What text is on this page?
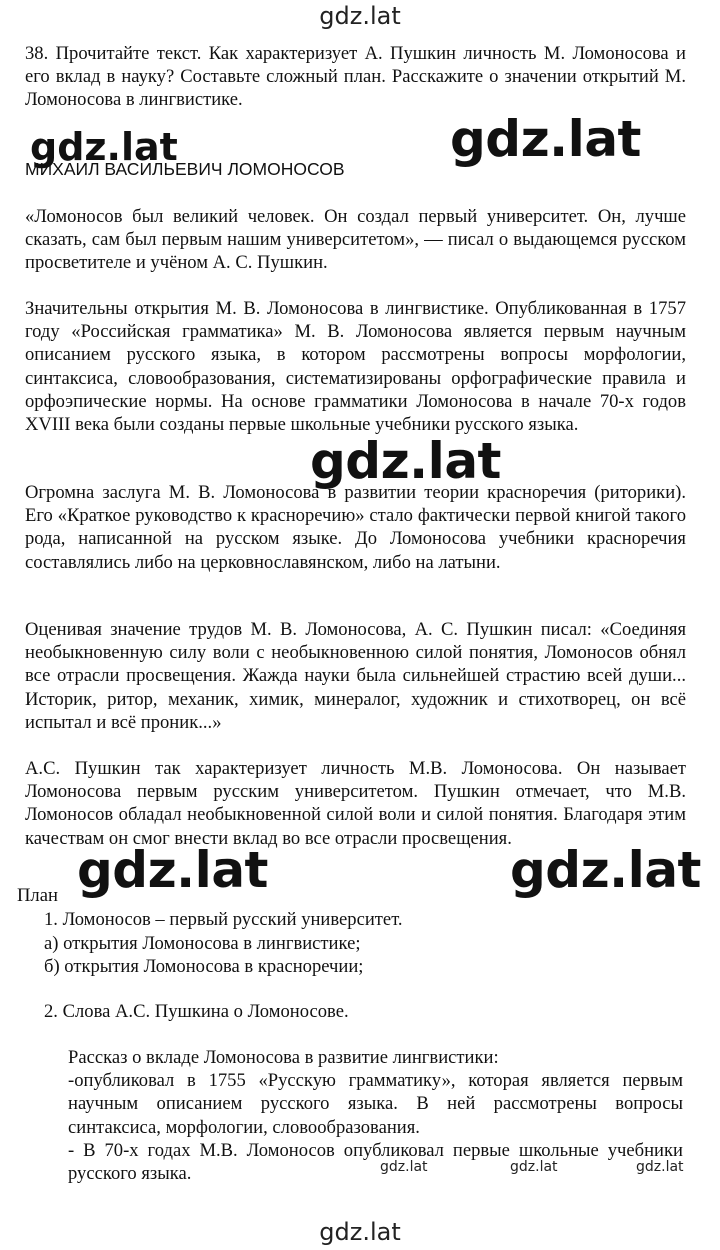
gdz.lat
gdz.lat	gdz.lat
38. Прочитайте текст. Как характеризует А. Пушкин личность М. Ломоносова и его вклад в науку? Составьте сложный план. Расскажите о значении открытий М. Ломоносова в лингвистике.
МИХАИЛ ВАСИЛЬЕВИЧ ЛОМОНОСОВ
«Ломоносов был великий человек. Он создал первый университет. Он, лучше сказать, сам был первым нашим университетом», — писал о выдающемся русском просветителе и учёном А. С. Пушкин.
Значительны открытия М. В. Ломоносова в лингвистике. Опубликованная в 1757 году «Российская грамматика» М. В. Ломоносова является первым научным описанием русского языка, в котором рассмотрены вопросы морфологии, синтаксиса, словообразования, систематизированы орфографические правила и орфоэпические нормы. На основе грамматики Ломоносова в начале 70-х годов XVIII века были созданы первые школьные учебники русского языка.
gdz.lat
Огромна заслуга М. В. Ломоносова в развитии теории красноречия (риторики). Его «Краткое руководство к красноречию» стало фактически первой книгой такого рода, написанной на русском языке. До Ломоносова учебники красноречия составлялись либо на церковнославянском, либо на латыни.
Оценивая значение трудов М. В. Ломоносова, А. С. Пушкин писал: «Соединяя необыкновенную силу воли с необыкновенною силой понятия, Ломоносов обнял все отрасли просвещения. Жажда науки была сильнейшей страстию всей души... Историк, ритор, механик, химик, минералог, художник и стихотворец, он всё испытал и всё проник...»
А.С. Пушкин так характеризует личность М.В. Ломоносова. Он называет Ломоносова первым русским университетом. Пушкин отмечает, что М.В. Ломоносов обладал необыкновенной силой воли и силой понятия. Благодаря этим качествам он смог внести вклад во все отрасли просвещения.
gdz.lat	gdz.lat
План
1. Ломоносов – первый русский университет.
а) открытия Ломоносова в лингвистике;
б) открытия Ломоносова в красноречии;
2. Слова А.С. Пушкина о Ломоносове.
Рассказ о вкладе Ломоносова в развитие лингвистики:
-опубликовал в 1755 «Русскую грамматику», которая является первым научным описанием русского языка. В ней рассмотрены вопросы синтаксиса, морфологии, словообразования.
- В 70-х годах М.В. Ломоносов опубликовал первые школьные учебники русского языка.	gdz.lat	gdz.lat	gdz.lat
gdz.lat
